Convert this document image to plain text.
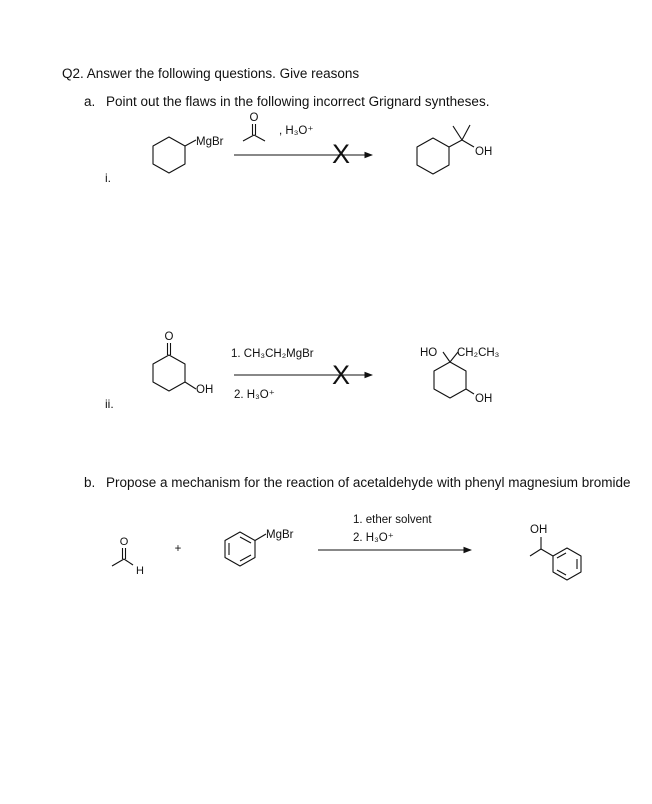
Q2. Answer the following questions. Give reasons
a. Point out the flaws in the following incorrect Grignard syntheses.
i.
ii.
b. Propose a mechanism for the reaction of acetaldehyde with phenyl magnesium bromide
MgBr
O
, H₃O⁺
X	OH
O
OH
1. CH₃CH₂MgBr
X
2. H₃O⁺
HO CH₂CH₃
OH
O
H
+
MgBr
1. ether solvent
2. H₃O⁺
OH
